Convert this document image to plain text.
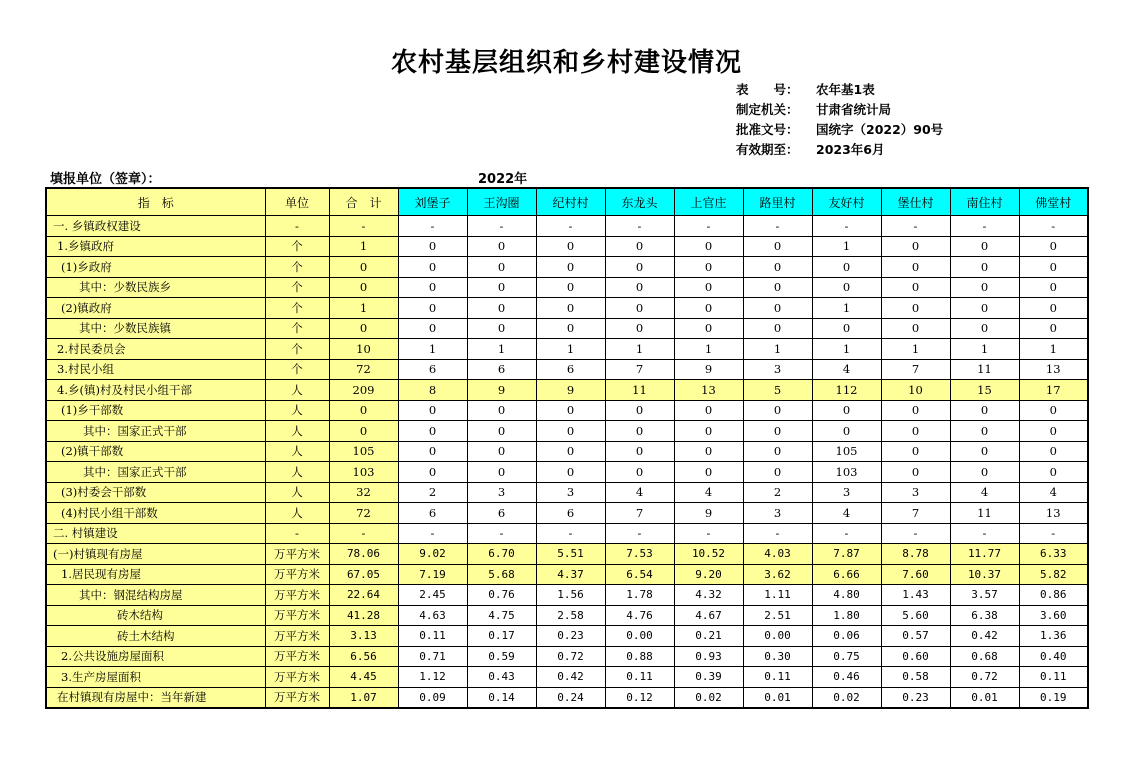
农村基层组织和乡村建设情况
表　　号：	农年基1表
制定机关：	甘肃省统计局
批准文号：	国统字（2022）90号
有效期至：	2023年6月
填报单位（签章）：	2022年
指　标	单位	合　计	刘堡子	王沟圈	纪村村	东龙头	上官庄	路里村	友好村	堡仕村	南住村	佛堂村
一. 乡镇政权建设	-	-	-	-	-	-	-	-	-	-	-	-
1.乡镇政府	个	1	0	0	0	0	0	0	1	0	0	0
(1)乡政府	个	0	0	0	0	0	0	0	0	0	0	0
其中：少数民族乡	个	0	0	0	0	0	0	0	0	0	0	0
(2)镇政府	个	1	0	0	0	0	0	0	1	0	0	0
其中：少数民族镇	个	0	0	0	0	0	0	0	0	0	0	0
2.村民委员会	个	10	1	1	1	1	1	1	1	1	1	1
3.村民小组	个	72	6	6	6	7	9	3	4	7	11	13
4.乡(镇)村及村民小组干部	人	209	8	9	9	11	13	5	112	10	15	17
(1)乡干部数	人	0	0	0	0	0	0	0	0	0	0	0
其中：国家正式干部	人	0	0	0	0	0	0	0	0	0	0	0
(2)镇干部数	人	105	0	0	0	0	0	0	105	0	0	0
其中：国家正式干部	人	103	0	0	0	0	0	0	103	0	0	0
(3)村委会干部数	人	32	2	3	3	4	4	2	3	3	4	4
(4)村民小组干部数	人	72	6	6	6	7	9	3	4	7	11	13
二. 村镇建设	-	-	-	-	-	-	-	-	-	-	-	-
(一)村镇现有房屋	万平方米	78.06	9.02	6.70	5.51	7.53	10.52	4.03	7.87	8.78	11.77	6.33
1.居民现有房屋	万平方米	67.05	7.19	5.68	4.37	6.54	9.20	3.62	6.66	7.60	10.37	5.82
其中：钢混结构房屋	万平方米	22.64	2.45	0.76	1.56	1.78	4.32	1.11	4.80	1.43	3.57	0.86
砖木结构	万平方米	41.28	4.63	4.75	2.58	4.76	4.67	2.51	1.80	5.60	6.38	3.60
砖土木结构	万平方米	3.13	0.11	0.17	0.23	0.00	0.21	0.00	0.06	0.57	0.42	1.36
2.公共设施房屋面积	万平方米	6.56	0.71	0.59	0.72	0.88	0.93	0.30	0.75	0.60	0.68	0.40
3.生产房屋面积	万平方米	4.45	1.12	0.43	0.42	0.11	0.39	0.11	0.46	0.58	0.72	0.11
在村镇现有房屋中：当年新建	万平方米	1.07	0.09	0.14	0.24	0.12	0.02	0.01	0.02	0.23	0.01	0.19
